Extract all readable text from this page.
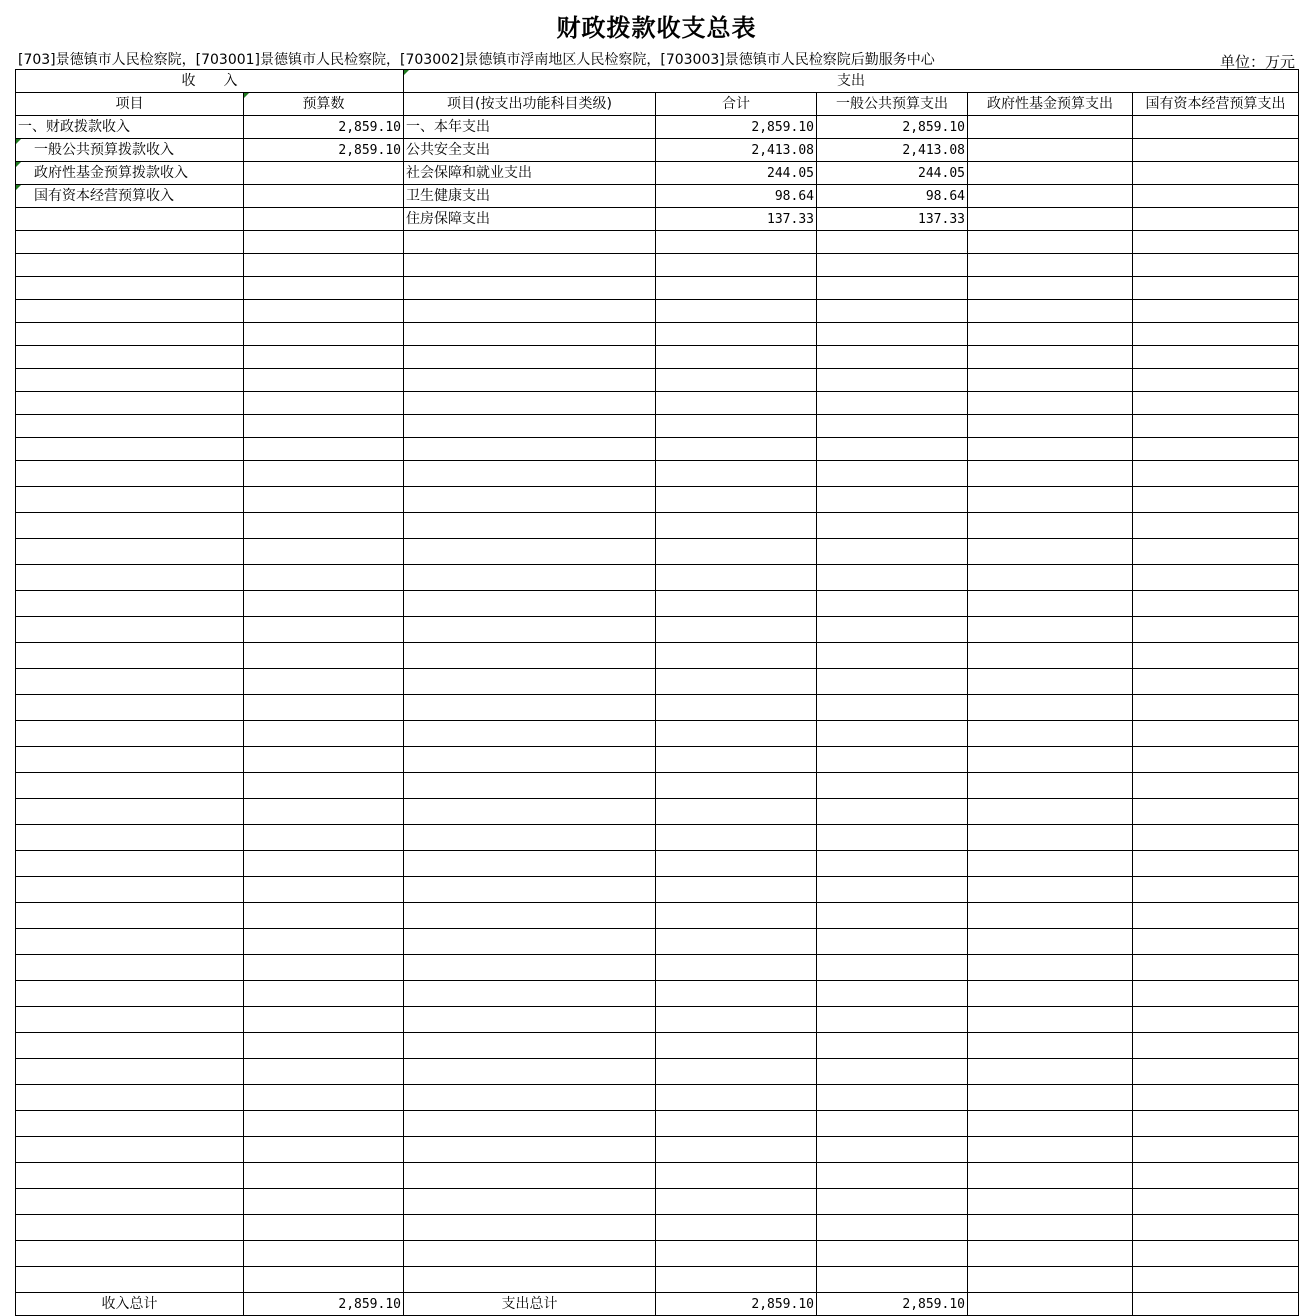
财政拨款收支总表
[703]景德镇市人民检察院，[703001]景德镇市人民检察院，[703002]景德镇市浮南地区人民检察院，[703003]景德镇市人民检察院后勤服务中心	单位：万元
收　　入		支出				
项目	预算数	项目(按支出功能科目类级)	合计	一般公共预算支出	政府性基金预算支出	国有资本经营预算支出
一、财政拨款收入	2,859.10	一、本年支出	2,859.10	2,859.10		
一般公共预算拨款收入	2,859.10	公共安全支出	2,413.08	2,413.08		
政府性基金预算拨款收入		社会保障和就业支出	244.05	244.05		
国有资本经营预算收入		卫生健康支出	98.64	98.64		
		住房保障支出	137.33	137.33		

收入总计	2,859.10	支出总计	2,859.10	2,859.10		
